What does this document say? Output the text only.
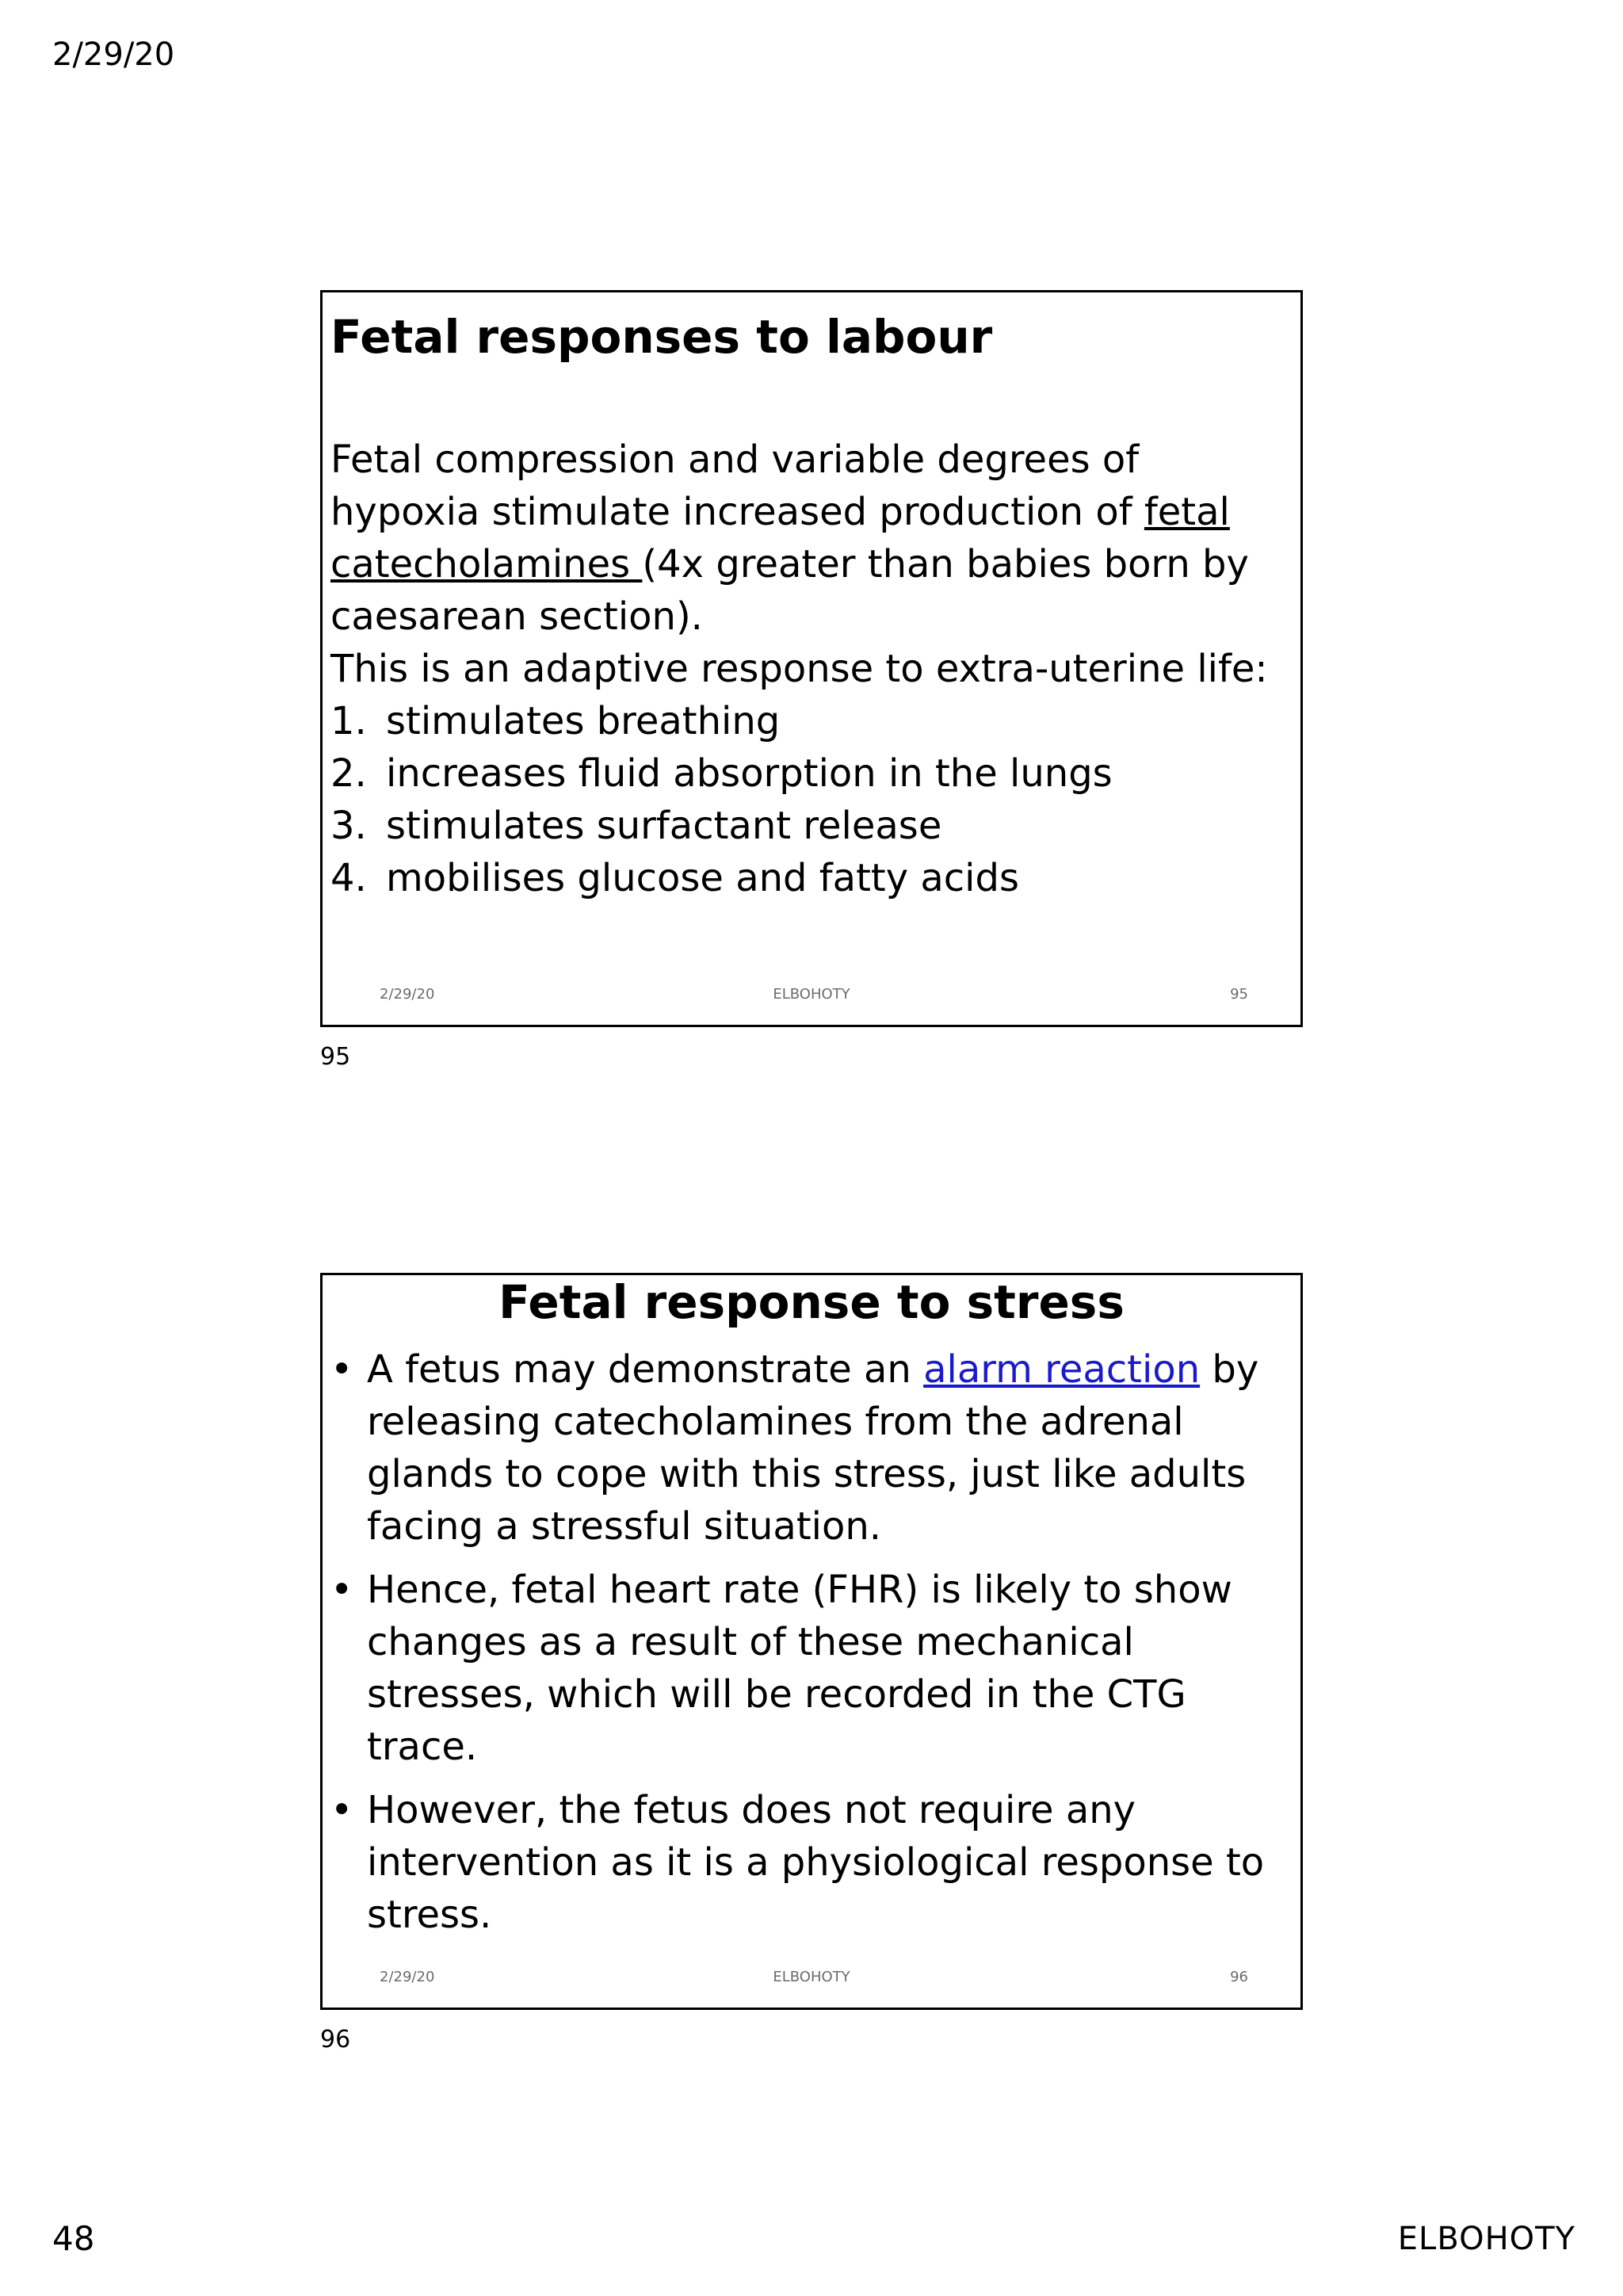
2/29/20
Fetal responses to labour
Fetal compression and variable degrees of hypoxia stimulate increased production of fetal catecholamines (4x greater than babies born by caesarean section).
This is an adaptive response to extra-uterine life:
1. stimulates breathing
2. increases fluid absorption in the lungs
3. stimulates surfactant release
4. mobilises glucose and fatty acids
2/29/20	ELBOHOTY	95
95
Fetal response to stress
• A fetus may demonstrate an alarm reaction by releasing catecholamines from the adrenal glands to cope with this stress, just like adults facing a stressful situation.
• Hence, fetal heart rate (FHR) is likely to show changes as a result of these mechanical stresses, which will be recorded in the CTG trace.
• However, the fetus does not require any intervention as it is a physiological response to stress.
2/29/20	ELBOHOTY	96
96
48	ELBOHOTY
